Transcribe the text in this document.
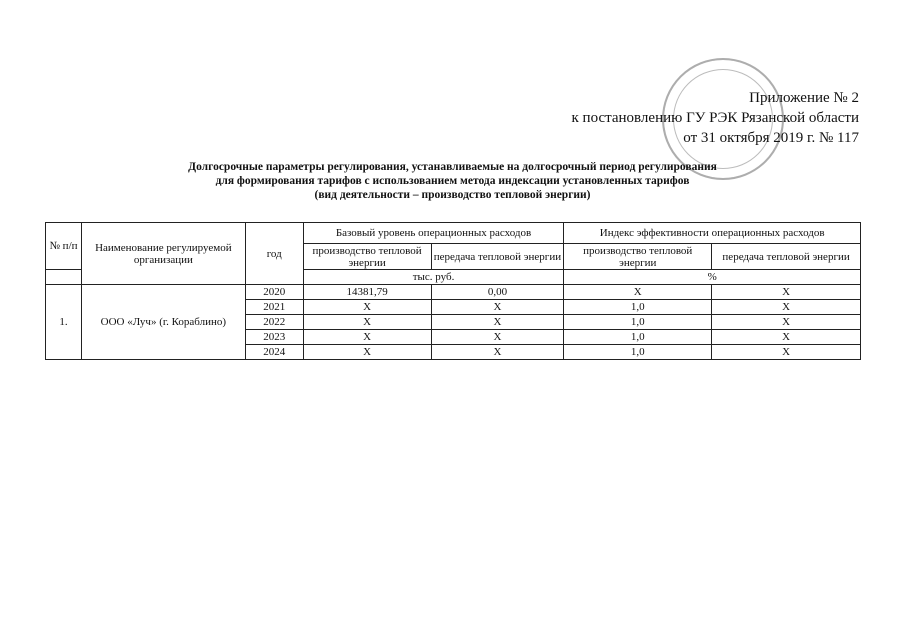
Приложение № 2
к постановлению ГУ РЭК Рязанской области
от 31 октября 2019 г. № 117
Долгосрочные параметры регулирования, устанавливаемые на долгосрочный период регулирования
для формирования тарифов с использованием метода индексации установленных тарифов
(вид деятельности – производство тепловой энергии)
№ п/п	Наименование регулируемой организации	год	Базовый уровень операционных расходов		Индекс эффективности операционных расходов	
			производство тепловой энергии	передача тепловой энергии	производство тепловой энергии	передача тепловой энергии
			тыс. руб.		%	
1.	ООО «Луч» (г. Кораблино)	2020	14381,79	0,00	Х	Х
		2021	Х	Х	1,0	Х
		2022	Х	Х	1,0	Х
		2023	Х	Х	1,0	Х
		2024	Х	Х	1,0	Х
